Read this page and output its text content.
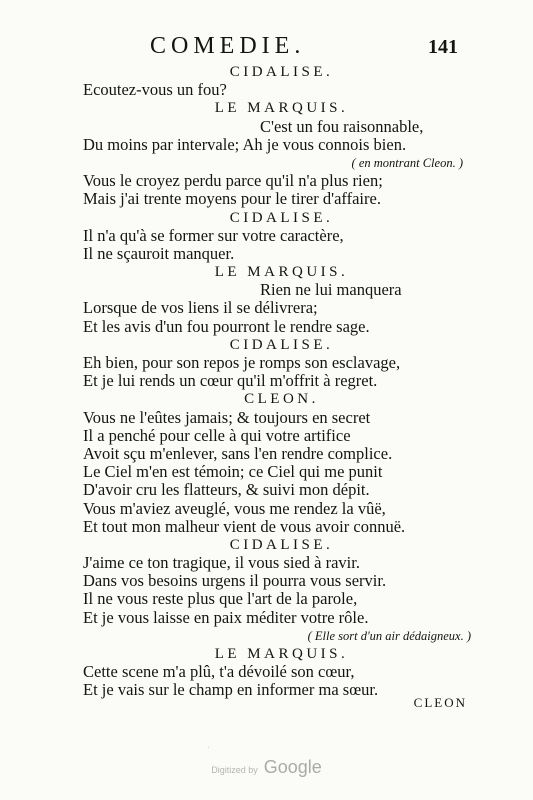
COMEDIE.	141
CIDALISE.
Ecoutez-vous un fou?
LE MARQUIS.
C'est un fou raisonnable,
Du moins par intervale; Ah je vous connois bien.
( en montrant Cleon. )
Vous le croyez perdu parce qu'il n'a plus rien;
Mais j'ai trente moyens pour le tirer d'affaire.
CIDALISE.
Il n'a qu'à se former sur votre caractère,
Il ne sçauroit manquer.
LE MARQUIS.
Rien ne lui manquera
Lorsque de vos liens il se délivrera;
Et les avis d'un fou pourront le rendre sage.
CIDALISE.
Eh bien, pour son repos je romps son esclavage,
Et je lui rends un cœur qu'il m'offrit à regret.
CLEON.
Vous ne l'eûtes jamais; & toujours en secret
Il a penché pour celle à qui votre artifice
Avoit sçu m'enlever, sans l'en rendre complice.
Le Ciel m'en est témoin; ce Ciel qui me punit
D'avoir cru les flatteurs, & suivi mon dépit.
Vous m'aviez aveuglé, vous me rendez la vûë,
Et tout mon malheur vient de vous avoir connuë.
CIDALISE.
J'aime ce ton tragique, il vous sied à ravir.
Dans vos besoins urgens il pourra vous servir.
Il ne vous reste plus que l'art de la parole,
Et je vous laisse en paix méditer votre rôle.
( Elle sort d'un air dédaigneux. )
LE MARQUIS.
Cette scene m'a plû, t'a dévoilé son cœur,
Et je vais sur le champ en informer ma sœur.
CLEON
ʿ
Digitized by Google
